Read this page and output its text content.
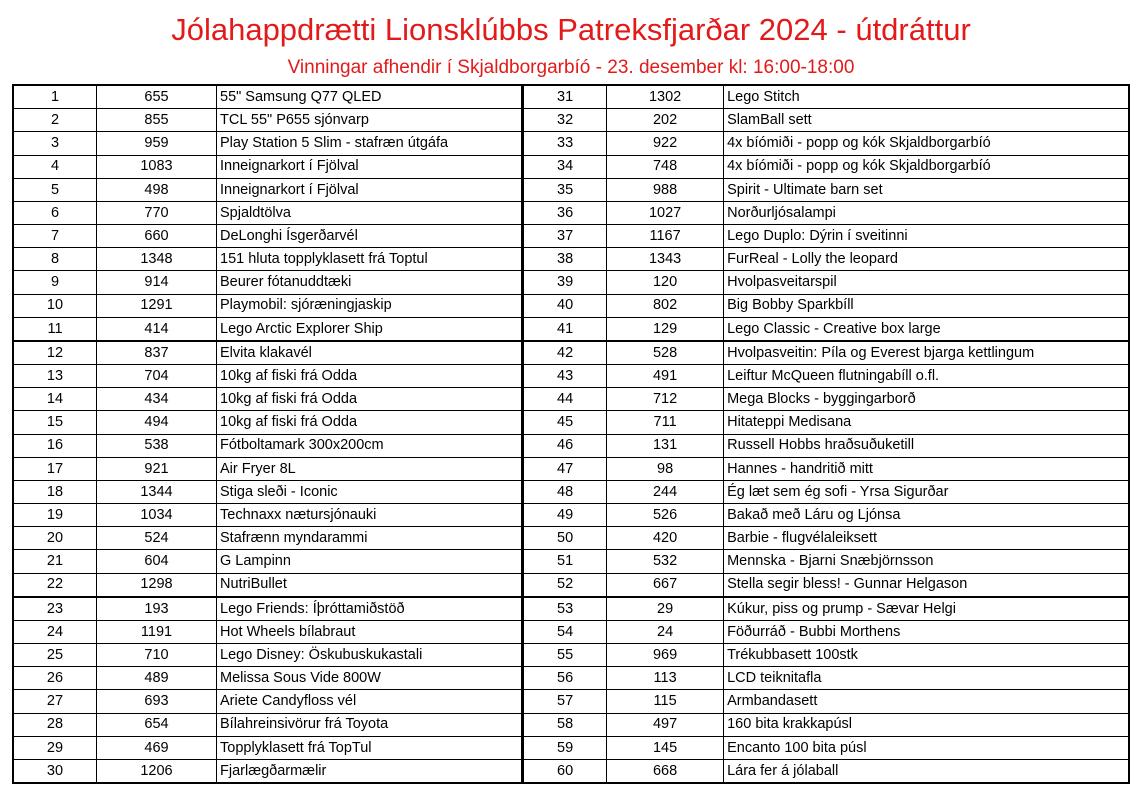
Jólahappdrætti Lionsklúbbs Patreksfjarðar 2024 - útdráttur
Vinningar afhendir í Skjaldborgarbíó - 23. desember kl: 16:00-18:00
1	655	55" Samsung Q77 QLED
2	855	TCL 55" P655 sjónvarp
3	959	Play Station 5 Slim - stafræn útgáfa
4	1083	Inneignarkort í Fjölval
5	498	Inneignarkort í Fjölval
6	770	Spjaldtölva
7	660	DeLonghi Ísgerðarvél
8	1348	151 hluta topplyklasett frá Toptul
9	914	Beurer fótanuddtæki
10	1291	Playmobil: sjóræningjaskip
11	414	Lego Arctic Explorer Ship
12	837	Elvita klakavél
13	704	10kg af fiski frá Odda
14	434	10kg af fiski frá Odda
15	494	10kg af fiski frá Odda
16	538	Fótboltamark 300x200cm
17	921	Air Fryer 8L
18	1344	Stiga sleði - Iconic
19	1034	Technaxx nætursjónauki
20	524	Stafrænn myndarammi
21	604	G Lampinn
22	1298	NutriBullet
23	193	Lego Friends: Íþróttamiðstöð
24	1191	Hot Wheels bílabraut
25	710	Lego Disney: Öskubuskukastali
26	489	Melissa Sous Vide 800W
27	693	Ariete Candyfloss vél
28	654	Bílahreinsivörur frá Toyota
29	469	Topplyklasett frá TopTul
30	1206	Fjarlægðarmælir
31	1302	Lego Stitch
32	202	SlamBall sett
33	922	4x bíómiði - popp og kók Skjaldborgarbíó
34	748	4x bíómiði - popp og kók Skjaldborgarbíó
35	988	Spirit - Ultimate barn set
36	1027	Norðurljósalampi
37	1167	Lego Duplo: Dýrin í sveitinni
38	1343	FurReal - Lolly the leopard
39	120	Hvolpasveitarspil
40	802	Big Bobby Sparkbíll
41	129	Lego Classic - Creative box large
42	528	Hvolpasveitin: Píla og Everest bjarga kettlingum
43	491	Leiftur McQueen flutningabíll o.fl.
44	712	Mega Blocks - byggingarborð
45	711	Hitateppi Medisana
46	131	Russell Hobbs hraðsuðuketill
47	98	Hannes - handritið mitt
48	244	Ég læt sem ég sofi - Yrsa Sigurðar
49	526	Bakað með Láru og Ljónsa
50	420	Barbie - flugvélaleiksett
51	532	Mennska - Bjarni Snæbjörnsson
52	667	Stella segir bless! - Gunnar Helgason
53	29	Kúkur, piss og prump - Sævar Helgi
54	24	Föðurráð - Bubbi Morthens
55	969	Trékubbasett 100stk
56	113	LCD teiknitafla
57	115	Armbandasett
58	497	160 bita krakkapúsl
59	145	Encanto 100 bita púsl
60	668	Lára fer á jólaball
